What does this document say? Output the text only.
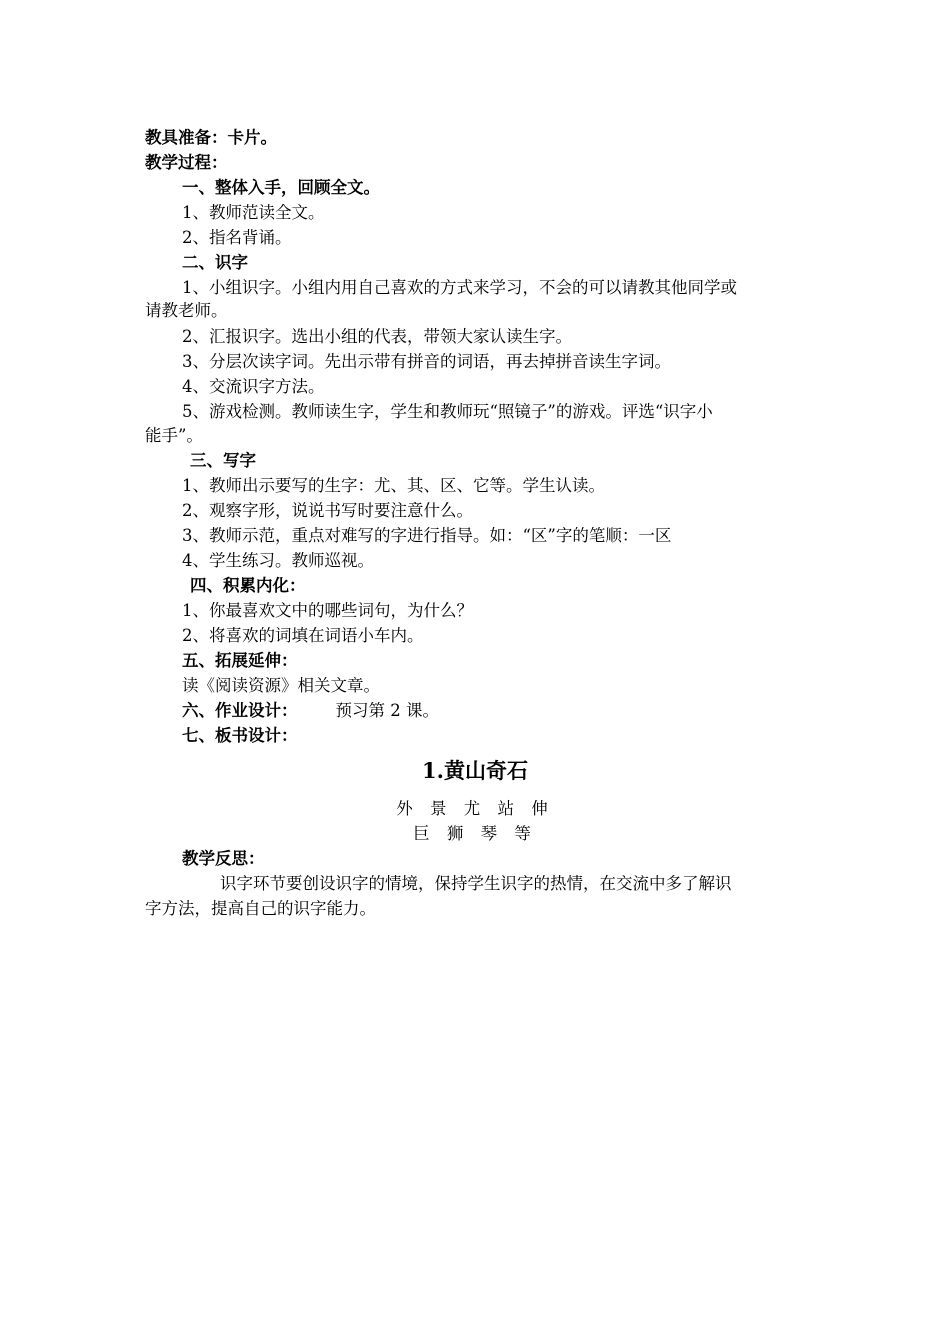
教具准备：卡片。

教学过程：

一、整体入手，回顾全文。

1、教师范读全文。

2、指名背诵。

二、识字

1、小组识字。小组内用自己喜欢的方式来学习，不会的可以请教其他同学或

请教老师。

2、汇报识字。选出小组的代表，带领大家认读生字。

3、分层次读字词。先出示带有拼音的词语，再去掉拼音读生字词。

4、交流识字方法。

5、游戏检测。教师读生字，学生和教师玩“照镜子”的游戏。评选“识字小

能手”。

三、写字

1、教师出示要写的生字：尤、其、区、它等。学生认读。

2、观察字形，说说书写时要注意什么。

3、教师示范，重点对难写的字进行指导。如：“区”字的笔顺：一区

4、学生练习。教师巡视。

四、积累内化：

1、你最喜欢文中的哪些词句，为什么？

2、将喜欢的词填在词语小车内。

五、拓展延伸：

读《阅读资源》相关文章。

六、作业设计： 预习第 2 课。

七、板书设计：

1.黄山奇石

外 景 尤 站 伸

巨 狮 琴 等

教学反思：

识字环节要创设识字的情境，保持学生识字的热情，在交流中多了解识

字方法，提高自己的识字能力。
